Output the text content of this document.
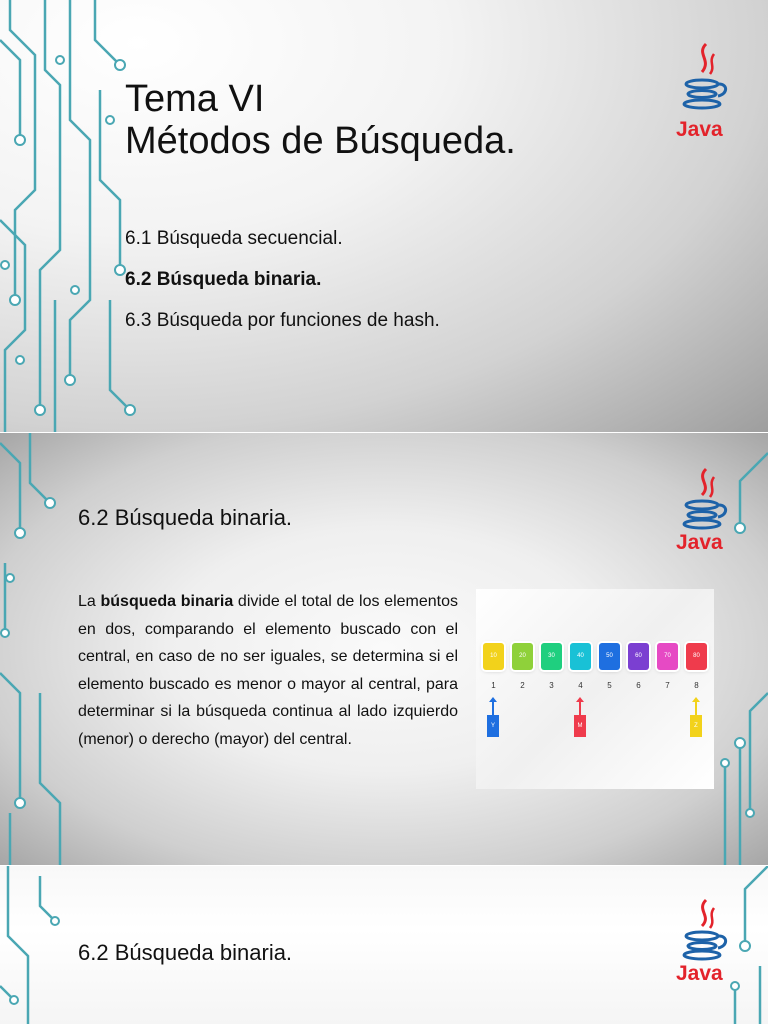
Tema VI
Métodos de Búsqueda.
6.1 Búsqueda secuencial.
6.2 Búsqueda binaria.
6.3 Búsqueda por funciones de hash.
Java
Java
6.2 Búsqueda binaria.
La búsqueda binaria divide el total de los elementos en dos, comparando el elemento buscado con el central, en caso de no ser iguales, se determina si el elemento buscado es menor o mayor al central, para determinar si la búsqueda continua al lado izquierdo (menor) o derecho (mayor) del central.
10	20	30	40	50	60	70	80
1	2	3	4	5	6	7	8
Y	M	Z
Java
6.2 Búsqueda binaria.
